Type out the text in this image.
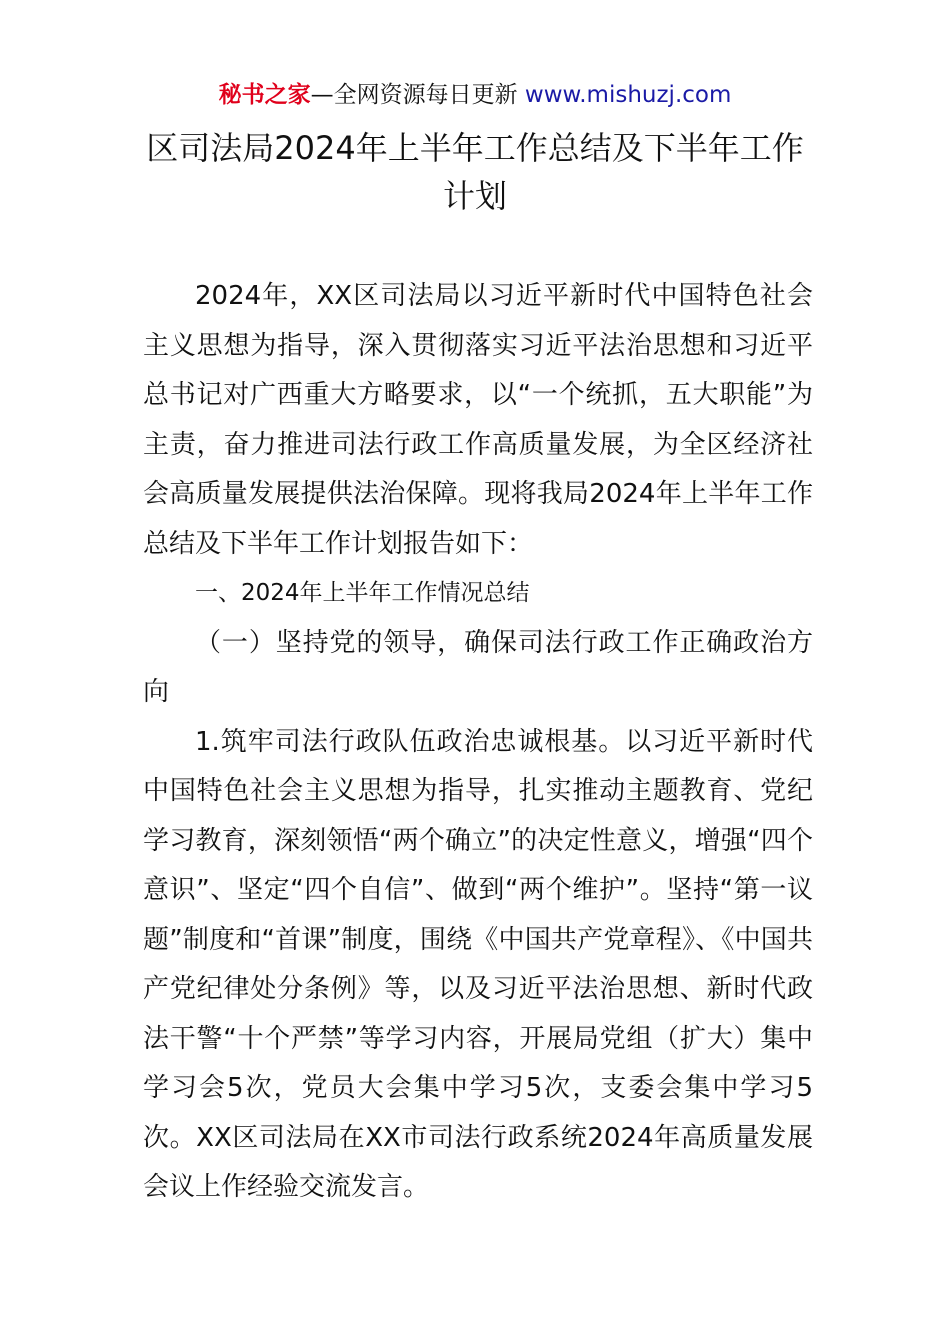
秘书之家—全网资源每日更新 www.mishuzj.com
区司法局2024年上半年工作总结及下半年工作计划

2024年，XX区司法局以习近平新时代中国特色社会主义思想为指导，深入贯彻落实习近平法治思想和习近平总书记对广西重大方略要求，以“一个统抓，五大职能”为主责，奋力推进司法行政工作高质量发展，为全区经济社会高质量发展提供法治保障。现将我局2024年上半年工作总结及下半年工作计划报告如下：

一、2024年上半年工作情况总结

（一）坚持党的领导，确保司法行政工作正确政治方向

1.筑牢司法行政队伍政治忠诚根基。以习近平新时代中国特色社会主义思想为指导，扎实推动主题教育、党纪学习教育，深刻领悟“两个确立”的决定性意义，增强“四个意识”、坚定“四个自信”、做到“两个维护”。坚持“第一议题”制度和“首课”制度，围绕《中国共产党章程》、《中国共产党纪律处分条例》等，以及习近平法治思想、新时代政法干警“十个严禁”等学习内容，开展局党组（扩大）集中学习会5次，党员大会集中学习5次，支委会集中学习5次。XX区司法局在XX市司法行政系统2024年高质量发展会议上作经验交流发言。
